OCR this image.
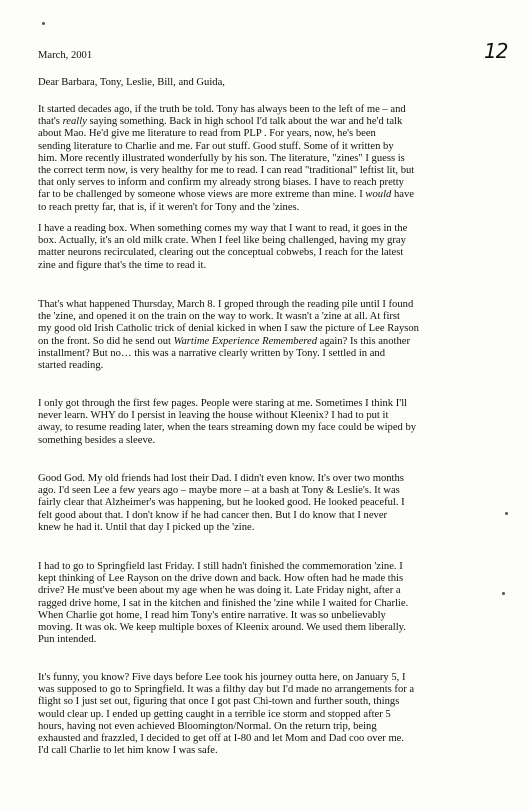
March, 2001	12
Dear Barbara, Tony, Leslie, Bill, and Guida,
It started decades ago, if the truth be told. Tony has always been to the left of me – and
that's really saying something. Back in high school I'd talk about the war and he'd talk
about Mao. He'd give me literature to read from PLP . For years, now, he's been
sending literature to Charlie and me. Far out stuff. Good stuff. Some of it written by
him. More recently illustrated wonderfully by his son. The literature, "zines" I guess is
the correct term now, is very healthy for me to read. I can read "traditional" leftist lit, but
that only serves to inform and confirm my already strong biases. I have to reach pretty
far to be challenged by someone whose views are more extreme than mine. I would have
to reach pretty far, that is, if it weren't for Tony and the 'zines.
I have a reading box. When something comes my way that I want to read, it goes in the
box. Actually, it's an old milk crate. When I feel like being challenged, having my gray
matter neurons recirculated, clearing out the conceptual cobwebs, I reach for the latest
zine and figure that's the time to read it.
That's what happened Thursday, March 8. I groped through the reading pile until I found
the 'zine, and opened it on the train on the way to work. It wasn't a 'zine at all. At first
my good old Irish Catholic trick of denial kicked in when I saw the picture of Lee Rayson
on the front. So did he send out Wartime Experience Remembered again? Is this another
installment? But no… this was a narrative clearly written by Tony. I settled in and
started reading.
I only got through the first few pages. People were staring at me. Sometimes I think I'll
never learn. WHY do I persist in leaving the house without Kleenix? I had to put it
away, to resume reading later, when the tears streaming down my face could be wiped by
something besides a sleeve.
Good God. My old friends had lost their Dad. I didn't even know. It's over two months
ago. I'd seen Lee a few years ago – maybe more – at a bash at Tony & Leslie's. It was
fairly clear that Alzheimer's was happening, but he looked good. He looked peaceful. I
felt good about that. I don't know if he had cancer then. But I do know that I never
knew he had it. Until that day I picked up the 'zine.
I had to go to Springfield last Friday. I still hadn't finished the commemoration 'zine. I
kept thinking of Lee Rayson on the drive down and back. How often had he made this
drive? He must've been about my age when he was doing it. Late Friday night, after a
ragged drive home, I sat in the kitchen and finished the 'zine while I waited for Charlie.
When Charlie got home, I read him Tony's entire narrative. It was so unbelievably
moving. It was ok. We keep multiple boxes of Kleenix around. We used them liberally.
Pun intended.
It's funny, you know? Five days before Lee took his journey outta here, on January 5, I
was supposed to go to Springfield. It was a filthy day but I'd made no arrangements for a
flight so I just set out, figuring that once I got past Chi-town and further south, things
would clear up. I ended up getting caught in a terrible ice storm and stopped after 5
hours, having not even achieved Bloomington/Normal. On the return trip, being
exhausted and frazzled, I decided to get off at I-80 and let Mom and Dad coo over me.
I'd call Charlie to let him know I was safe.
